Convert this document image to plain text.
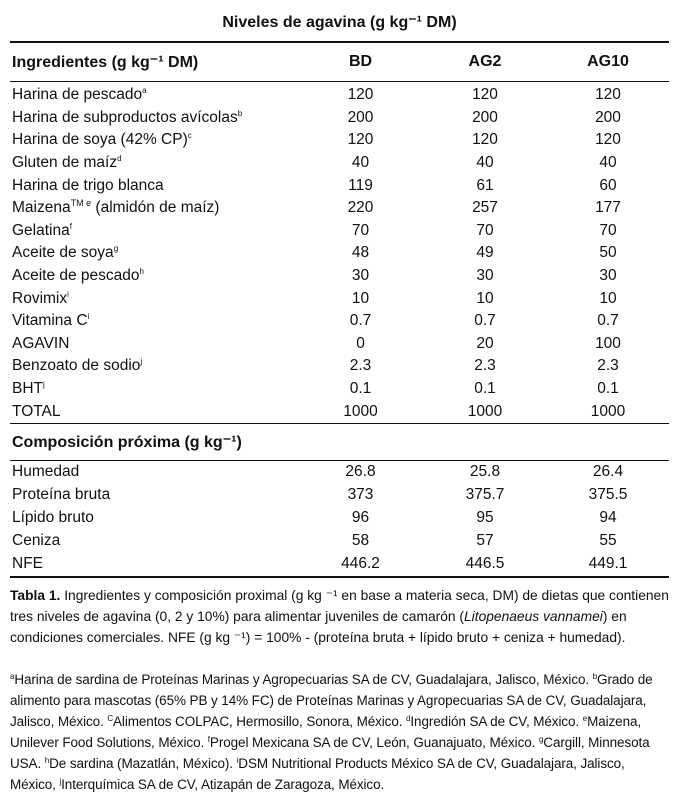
Niveles de agavina (g kg⁻¹ DM)
Ingredientes (g kg⁻¹ DM)	BD	AG2	AG10
Harina de pescado$^a$	120	120	120
Harina de subproductos avícolas$^b$	200	200	200
Harina de soya (42% CP)$^c$	120	120	120
Gluten de maíz$^d$	40	40	40
Harina de trigo blanca	119	61	60
Maizena$^{TM e}$ (almidón de maíz)	220	257	177
Gelatina$^f$	70	70	70
Aceite de soya$^g$	48	49	50
Aceite de pescado$^h$	30	30	30
Rovimix$^i$	10	10	10
Vitamina $C^i$	0.7	0.7	0.7
AGAVIN	0	20	100
Benzoato de sodio$^j$	2.3	2.3	2.3
BHT$^j$	0.1	0.1	0.1
TOTAL	1000	1000	1000
Composición próxima (g kg⁻¹)			
Humedad	26.8	25.8	26.4
Proteína bruta	373	375.7	375.5
Lípido bruto	96	95	94
Ceniza	58	57	55
NFE	446.2	446.5	449.1
Tabla 1. Ingredientes y composición proximal (g kg ⁻¹ en base a materia seca, DM) de dietas que contienen tres niveles de agavina (0, 2 y 10%) para alimentar juveniles de camarón (Litopenaeus vannamei) en condiciones comerciales. NFE (g kg ⁻¹) = 100% - (proteína bruta + lípido bruto + ceniza + humedad).
$^a$Harina de sardina de Proteínas Marinas y Agropecuarias SA de CV, Guadalajara, Jalisco, México. $^b$Grado de alimento para mascotas (65% PB y 14% FC) de Proteínas Marinas y Agropecuarias SA de CV, Guadalajara, Jalisco, México. $^C$Alimentos COLPAC, Hermosillo, Sonora, México. $^d$Ingredión SA de CV, México. $^e$Maizena, Unilever Food Solutions, México. $^f$Progel Mexicana SA de CV, León, Guanajuato, México. $^g$Cargill, Minnesota USA. $^h$De sardina (Mazatlán, México). $^i$DSM Nutritional Products México SA de CV, Guadalajara, Jalisco, México, $^j$Interquímica SA de CV, Atizapán de Zaragoza, México.
